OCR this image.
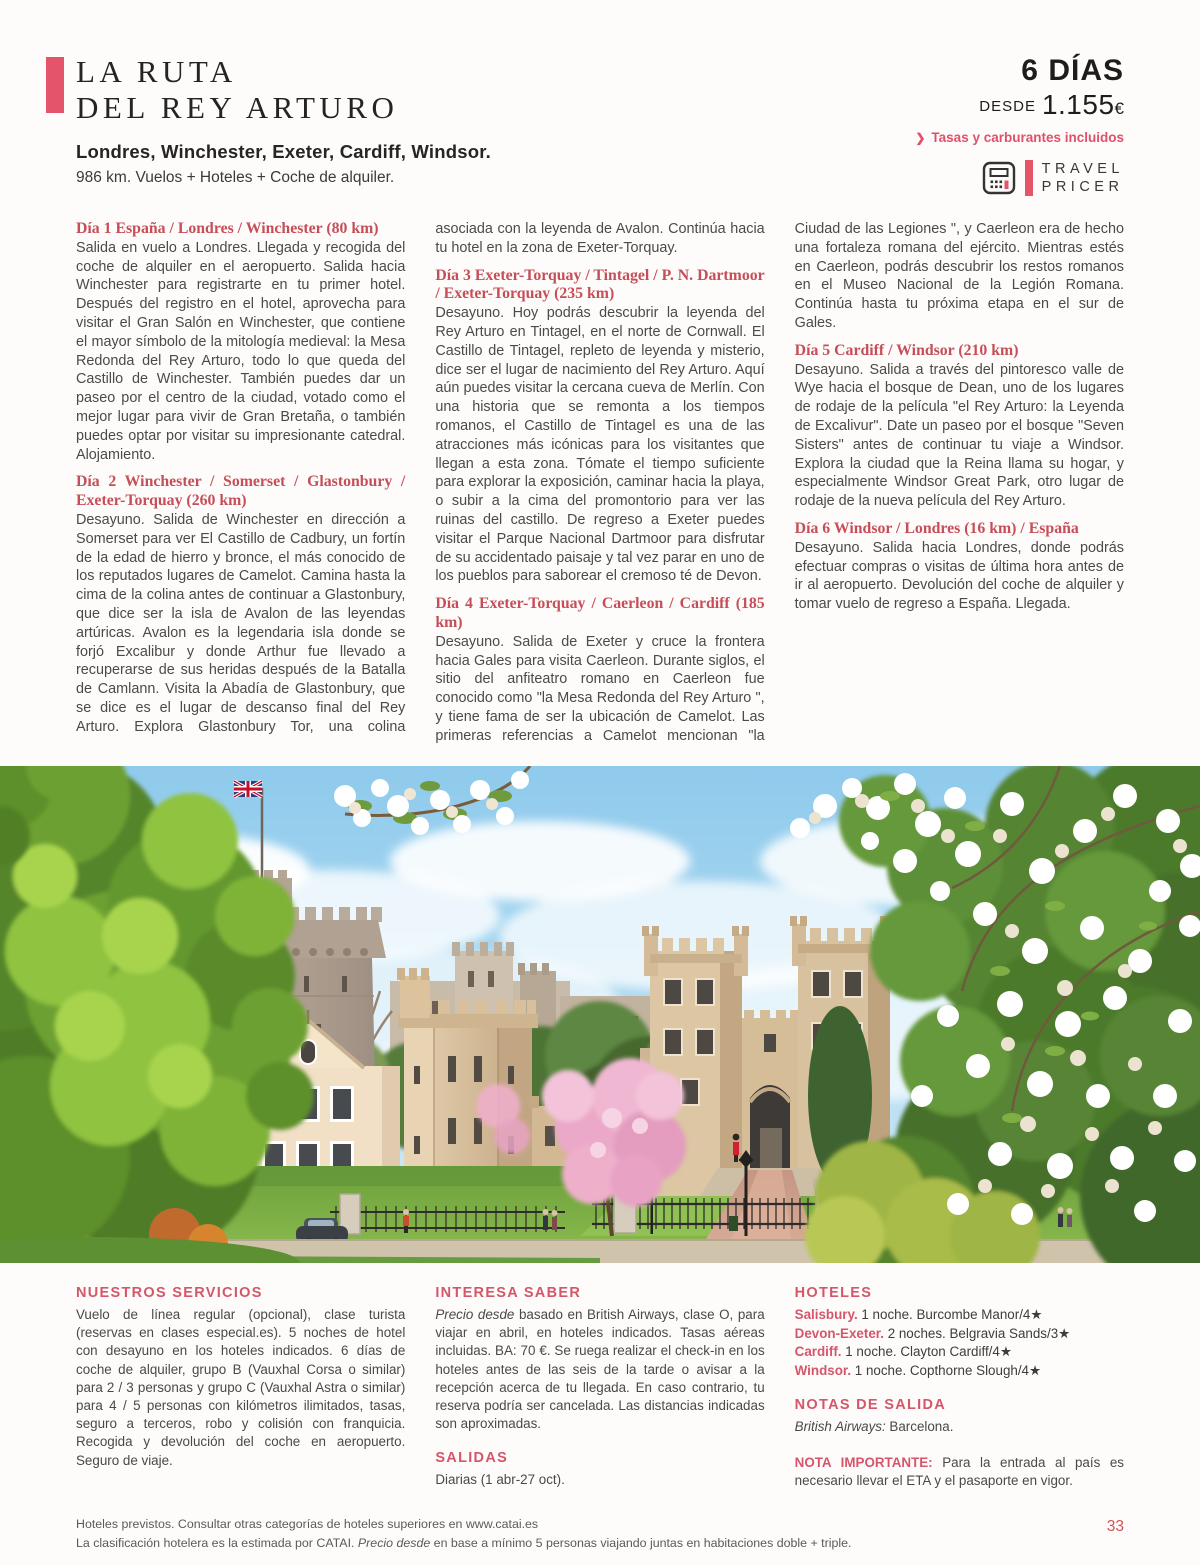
LA RUTA
DEL REY ARTURO

Londres, Winchester, Exeter, Cardiff, Windsor.

986 km. Vuelos + Hoteles + Coche de alquiler.

6 DÍAS
DESDE 1.155€
❯ Tasas y carburantes incluidos
TRAVEL
PRICER
Día 1 España / Londres / Winchester (80 km)

Salida en vuelo a Londres. Llegada y recogida del coche de alquiler en el aeropuerto. Salida hacia Winchester para registrarte en tu primer hotel. Después del registro en el hotel, aprovecha para visitar el Gran Salón en Winchester, que contiene el mayor símbolo de la mitología medieval: la Mesa Redonda del Rey Arturo, todo lo que queda del Castillo de Winchester. También puedes dar un paseo por el centro de la ciudad, votado como el mejor lugar para vivir de Gran Bretaña, o también puedes optar por visitar su impresionante catedral. Alojamiento.

Día 2 Winchester / Somerset / Glastonbury / Exeter-Torquay (260 km)

Desayuno. Salida de Winchester en dirección a Somerset para ver El Castillo de Cadbury, un fortín de la edad de hierro y bronce, el más conocido de los reputados lugares de Camelot. Camina hasta la cima de la colina antes de continuar a Glastonbury, que dice ser la isla de Avalon de las leyendas artúricas. Avalon es la legendaria isla donde se forjó Excalibur y donde Arthur fue llevado a recuperarse de sus heridas después de la Batalla de Camlann. Visita la Abadía de Glastonbury, que se dice es el lugar de descanso final del Rey Arturo. Explora Glastonbury Tor, una colina asociada con la leyenda de Avalon. Continúa hacia tu hotel en la zona de Exeter-Torquay.

Día 3 Exeter-Torquay / Tintagel / P. N. Dartmoor / Exeter-Torquay (235 km)

Desayuno. Hoy podrás descubrir la leyenda del Rey Arturo en Tintagel, en el norte de Cornwall. El Castillo de Tintagel, repleto de leyenda y misterio, dice ser el lugar de nacimiento del Rey Arturo. Aquí aún puedes visitar la cercana cueva de Merlín. Con una historia que se remonta a los tiempos romanos, el Castillo de Tintagel es una de las atracciones más icónicas para los visitantes que llegan a esta zona. Tómate el tiempo suficiente para explorar la exposición, caminar hacia la playa, o subir a la cima del promontorio para ver las ruinas del castillo. De regreso a Exeter puedes visitar el Parque Nacional Dartmoor para disfrutar de su accidentado paisaje y tal vez parar en uno de los pueblos para saborear el cremoso té de Devon.

Día 4 Exeter-Torquay / Caerleon / Cardiff (185 km)

Desayuno. Salida de Exeter y cruce la frontera hacia Gales para visita Caerleon. Durante siglos, el sitio del anfiteatro romano en Caerleon fue conocido como "la Mesa Redonda del Rey Arturo ", y tiene fama de ser la ubicación de Camelot. Las primeras referencias a Camelot mencionan "la Ciudad de las Legiones ", y Caerleon era de hecho una fortaleza romana del ejército. Mientras estés en Caerleon, podrás descubrir los restos romanos en el Museo Nacional de la Legión Romana. Continúa hasta tu próxima etapa en el sur de Gales.

Día 5 Cardiff / Windsor (210 km)

Desayuno. Salida a través del pintoresco valle de Wye hacia el bosque de Dean, uno de los lugares de rodaje de la película "el Rey Arturo: la Leyenda de Excalivur". Date un paseo por el bosque "Seven Sisters" antes de continuar tu viaje a Windsor. Explora la ciudad que la Reina llama su hogar, y especialmente Windsor Great Park, otro lugar de rodaje de la nueva película del Rey Arturo.

Día 6 Windsor / Londres (16 km) / España

Desayuno. Salida hacia Londres, donde podrás efectuar compras o visitas de última hora antes de ir al aeropuerto. Devolución del coche de alquiler y tomar vuelo de regreso a España. Llegada.

NUESTROS SERVICIOS

Vuelo de línea regular (opcional), clase turista (reservas en clases especial.es). 5 noches de hotel con desayuno en los hoteles indicados. 6 días de coche de alquiler, grupo B (Vauxhal Corsa o similar) para 2 / 3 personas y grupo C (Vauxhal Astra o similar) para 4 / 5 personas con kilómetros ilimitados, tasas, seguro a terceros, robo y colisión con franquicia. Recogida y devolución del coche en aeropuerto. Seguro de viaje.

INTERESA SABER

Precio desde basado en British Airways, clase O, para viajar en abril, en hoteles indicados. Tasas aéreas incluidas. BA: 70 €. Se ruega realizar el check-in en los hoteles antes de las seis de la tarde o avisar a la recepción acerca de tu llegada. En caso contrario, tu reserva podría ser cancelada. Las distancias indicadas son aproximadas.

SALIDAS

Diarias (1 abr-27 oct).

HOTELES

Salisbury. 1 noche. Burcombe Manor/4★

Devon-Exeter. 2 noches. Belgravia Sands/3★

Cardiff. 1 noche. Clayton Cardiff/4★

Windsor. 1 noche. Copthorne Slough/4★

NOTAS DE SALIDA

British Airways: Barcelona.

NOTA IMPORTANTE: Para la entrada al país es necesario llevar el ETA y el pasaporte en vigor.

Hoteles previstos. Consultar otras categorías de hoteles superiores en www.catai.es

La clasificación hotelera es la estimada por CATAI. Precio desde en base a mínimo 5 personas viajando juntas en habitaciones doble + triple.

33
